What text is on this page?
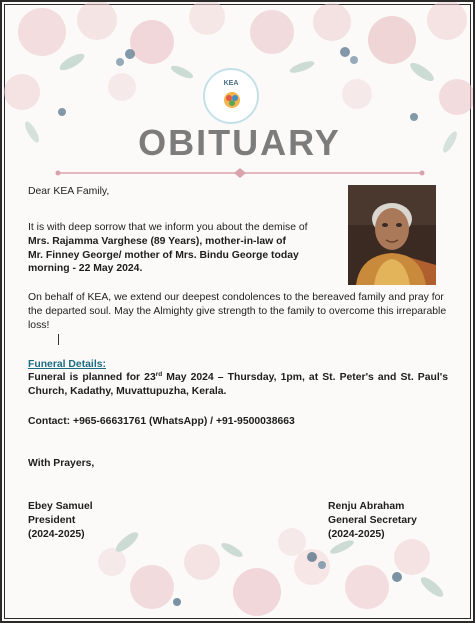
KEA
OBITUARY
Dear KEA Family,
It is with deep sorrow that we inform you about the demise of
Mrs. Rajamma Varghese (89 Years), mother-in-law of
Mr. Finney George/ mother of Mrs. Bindu George today
morning - 22 May 2024.
On behalf of KEA, we extend our deepest condolences to the bereaved family and pray for the departed soul. May the Almighty give strength to the family to overcome this irreparable loss!
Funeral Details:
Funeral is planned for 23rd May 2024 – Thursday, 1pm, at St. Peter's and St. Paul's Church, Kadathy, Muvattupuzha, Kerala.
Contact: +965-66631761 (WhatsApp) / +91-9500038663
With Prayers,
Ebey Samuel
President
(2024-2025)
Renju Abraham
General Secretary
(2024-2025)
